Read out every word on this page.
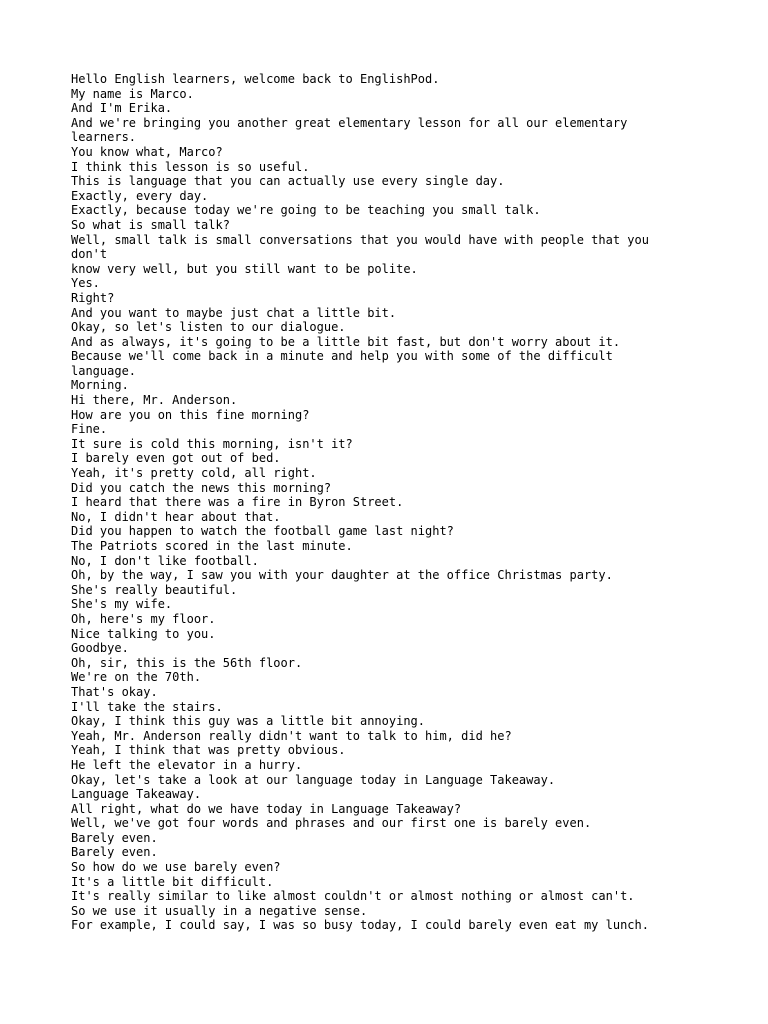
Hello English learners, welcome back to EnglishPod.
My name is Marco.
And I'm Erika.
And we're bringing you another great elementary lesson for all our elementary
learners.
You know what, Marco?
I think this lesson is so useful.
This is language that you can actually use every single day.
Exactly, every day.
Exactly, because today we're going to be teaching you small talk.
So what is small talk?
Well, small talk is small conversations that you would have with people that you
don't
know very well, but you still want to be polite.
Yes.
Right?
And you want to maybe just chat a little bit.
Okay, so let's listen to our dialogue.
And as always, it's going to be a little bit fast, but don't worry about it.
Because we'll come back in a minute and help you with some of the difficult
language.
Morning.
Hi there, Mr. Anderson.
How are you on this fine morning?
Fine.
It sure is cold this morning, isn't it?
I barely even got out of bed.
Yeah, it's pretty cold, all right.
Did you catch the news this morning?
I heard that there was a fire in Byron Street.
No, I didn't hear about that.
Did you happen to watch the football game last night?
The Patriots scored in the last minute.
No, I don't like football.
Oh, by the way, I saw you with your daughter at the office Christmas party.
She's really beautiful.
She's my wife.
Oh, here's my floor.
Nice talking to you.
Goodbye.
Oh, sir, this is the 56th floor.
We're on the 70th.
That's okay.
I'll take the stairs.
Okay, I think this guy was a little bit annoying.
Yeah, Mr. Anderson really didn't want to talk to him, did he?
Yeah, I think that was pretty obvious.
He left the elevator in a hurry.
Okay, let's take a look at our language today in Language Takeaway.
Language Takeaway.
All right, what do we have today in Language Takeaway?
Well, we've got four words and phrases and our first one is barely even.
Barely even.
Barely even.
So how do we use barely even?
It's a little bit difficult.
It's really similar to like almost couldn't or almost nothing or almost can't.
So we use it usually in a negative sense.
For example, I could say, I was so busy today, I could barely even eat my lunch.
